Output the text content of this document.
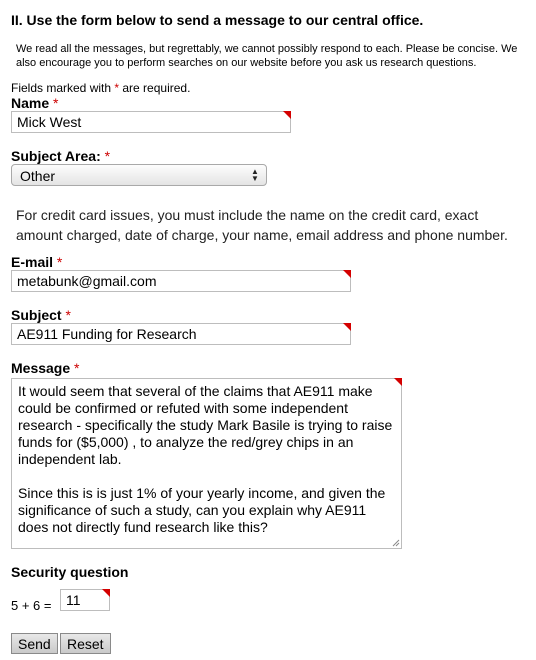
II. Use the form below to send a message to our central office.
We read all the messages, but regrettably, we cannot possibly respond to each. Please be concise. We also encourage you to perform searches on our website before you ask us research questions.
Fields marked with * are required.
Name *
Mick West
Subject Area: *
Other	▲
▼
For credit card issues, you must include the name on the credit card, exact amount charged, date of charge, your name, email address and phone number.
E-mail *
metabunk@gmail.com
Subject *
AE911 Funding for Research
Message *
It would seem that several of the claims that AE911 make could be confirmed or refuted with some independent research - specifically the study Mark Basile is trying to raise funds for ($5,000) , to analyze the red/grey chips in an independent lab. Since this is is just 1% of your yearly income, and given the significance of such a study, can you explain why AE911 does not directly fund research like this?
Security question
5 + 6 =
11
Send	Reset
